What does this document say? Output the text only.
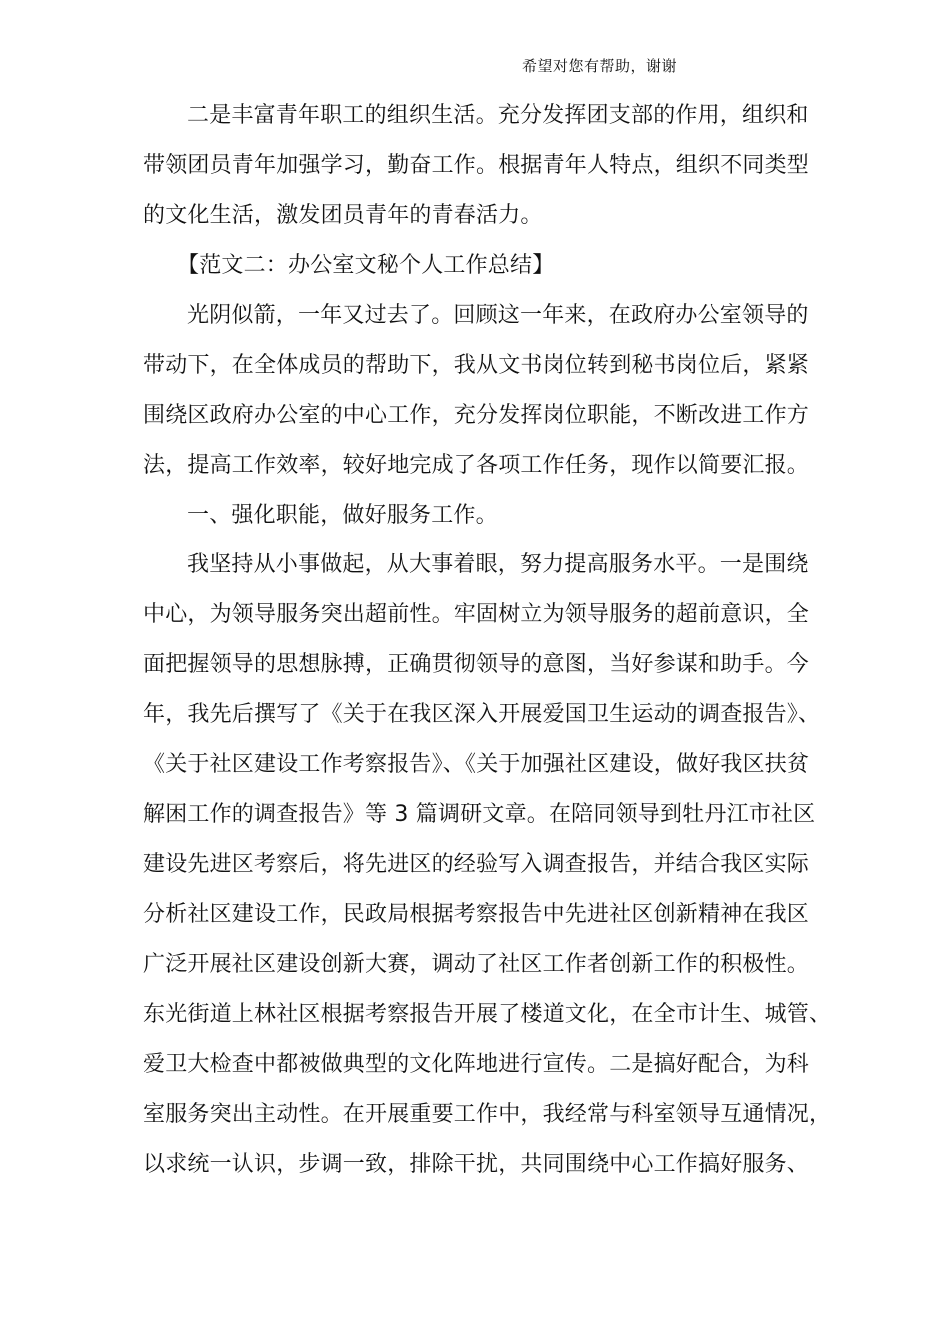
希望对您有帮助，谢谢
二是丰富青年职工的组织生活。充分发挥团支部的作用，组织和
带领团员青年加强学习，勤奋工作。根据青年人特点，组织不同类型
的文化生活，激发团员青年的青春活力。
【范文二：办公室文秘个人工作总结】
光阴似箭，一年又过去了。回顾这一年来，在政府办公室领导的
带动下，在全体成员的帮助下，我从文书岗位转到秘书岗位后，紧紧
围绕区政府办公室的中心工作，充分发挥岗位职能，不断改进工作方
法，提高工作效率，较好地完成了各项工作任务，现作以简要汇报。
一、强化职能，做好服务工作。
我坚持从小事做起，从大事着眼，努力提高服务水平。一是围绕
中心，为领导服务突出超前性。牢固树立为领导服务的超前意识，全
面把握领导的思想脉搏，正确贯彻领导的意图，当好参谋和助手。今
年，我先后撰写了《关于在我区深入开展爱国卫生运动的调查报告》、
《关于社区建设工作考察报告》、《关于加强社区建设，做好我区扶贫
解困工作的调查报告》等 3 篇调研文章。在陪同领导到牡丹江市社区
建设先进区考察后，将先进区的经验写入调查报告，并结合我区实际
分析社区建设工作，民政局根据考察报告中先进社区创新精神在我区
广泛开展社区建设创新大赛，调动了社区工作者创新工作的积极性。
东光街道上林社区根据考察报告开展了楼道文化，在全市计生、城管、
爱卫大检查中都被做典型的文化阵地进行宣传。二是搞好配合，为科
室服务突出主动性。在开展重要工作中，我经常与科室领导互通情况，
以求统一认识，步调一致，排除干扰，共同围绕中心工作搞好服务、
